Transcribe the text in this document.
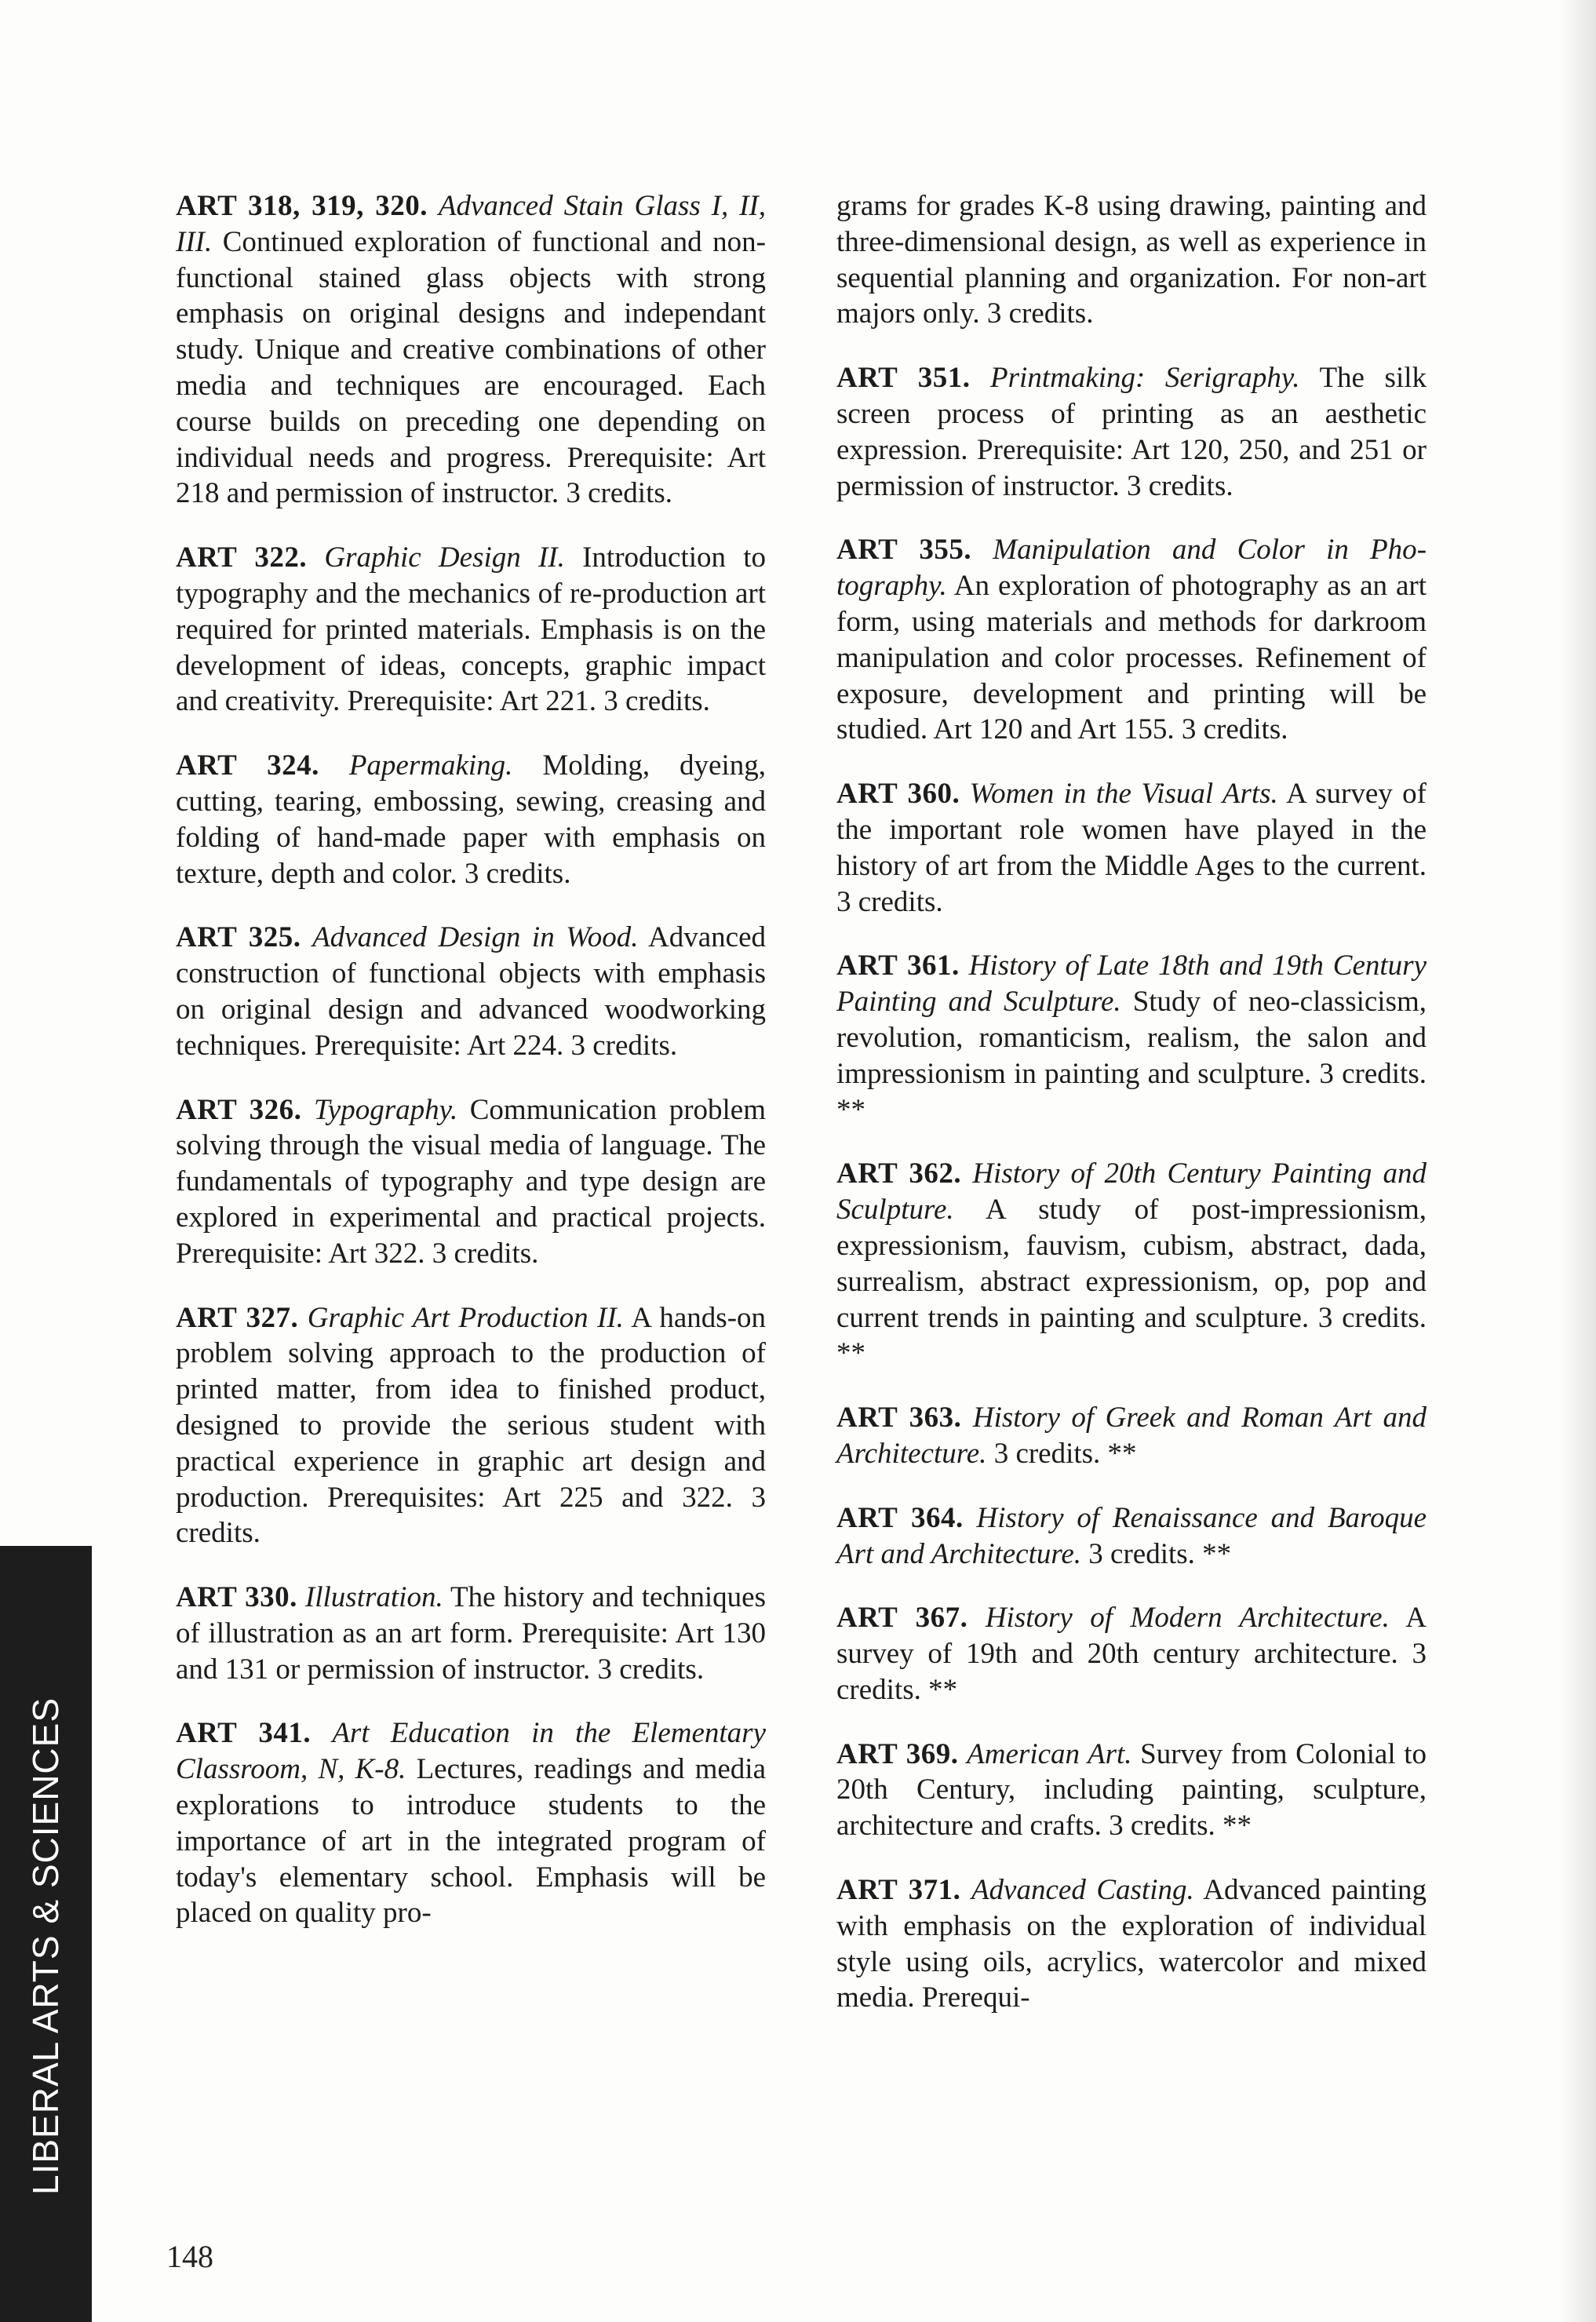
ART 318, 319, 320. Advanced Stain Glass I, II, III. Continued exploration of functional and non-functional stained glass objects with strong emphasis on original designs and independant study. Unique and creative combinations of other media and techniques are encouraged. Each course builds on preceding one depending on individual needs and progress. Prerequisite: Art 218 and permission of instructor. 3 credits.

ART 322. Graphic Design II. Introduction to typography and the mechanics of re-production art required for printed materials. Emphasis is on the development of ideas, concepts, graphic impact and creativity. Prerequisite: Art 221. 3 credits.

ART 324. Papermaking. Molding, dyeing, cutting, tearing, embossing, sewing, creasing and folding of hand-made paper with emphasis on texture, depth and color. 3 credits.

ART 325. Advanced Design in Wood. Advanced construction of functional objects with emphasis on original design and advanced woodworking techniques. Prerequisite: Art 224. 3 credits.

ART 326. Typography. Communication problem solving through the visual media of language. The fundamentals of typography and type design are explored in experimental and practical projects. Prerequisite: Art 322. 3 credits.

ART 327. Graphic Art Production II. A hands-on problem solving approach to the production of printed matter, from idea to finished product, designed to provide the serious student with practical experience in graphic art design and production. Prerequisites: Art 225 and 322. 3 credits.

ART 330. Illustration. The history and techniques of illustration as an art form. Prerequisite: Art 130 and 131 or permission of instructor. 3 credits.

ART 341. Art Education in the Elementary Classroom, N, K-8. Lectures, readings and media explorations to introduce students to the importance of art in the integrated program of today's elementary school. Emphasis will be placed on quality pro-

grams for grades K-8 using drawing, painting and three-dimensional design, as well as experience in sequential planning and organization. For non-art majors only. 3 credits.

ART 351. Printmaking: Serigraphy. The silk screen process of printing as an aesthetic expression. Prerequisite: Art 120, 250, and 251 or permission of instructor. 3 credits.

ART 355. Manipulation and Color in Photography. An exploration of photography as an art form, using materials and methods for darkroom manipulation and color processes. Refinement of exposure, development and printing will be studied. Art 120 and Art 155. 3 credits.

ART 360. Women in the Visual Arts. A survey of the important role women have played in the history of art from the Middle Ages to the current. 3 credits.

ART 361. History of Late 18th and 19th Century Painting and Sculpture. Study of neo-classicism, revolution, romanticism, realism, the salon and impressionism in painting and sculpture. 3 credits. **

ART 362. History of 20th Century Painting and Sculpture. A study of post-impressionism, expressionism, fauvism, cubism, abstract, dada, surrealism, abstract expressionism, op, pop and current trends in painting and sculpture. 3 credits. **

ART 363. History of Greek and Roman Art and Architecture. 3 credits. **

ART 364. History of Renaissance and Baroque Art and Architecture. 3 credits. **

ART 367. History of Modern Architecture. A survey of 19th and 20th century architecture. 3 credits. **

ART 369. American Art. Survey from Colonial to 20th Century, including painting, sculpture, architecture and crafts. 3 credits. **

ART 371. Advanced Casting. Advanced painting with emphasis on the exploration of individual style using oils, acrylics, watercolor and mixed media. Prerequi-

LIBERAL ARTS & SCIENCES
148
